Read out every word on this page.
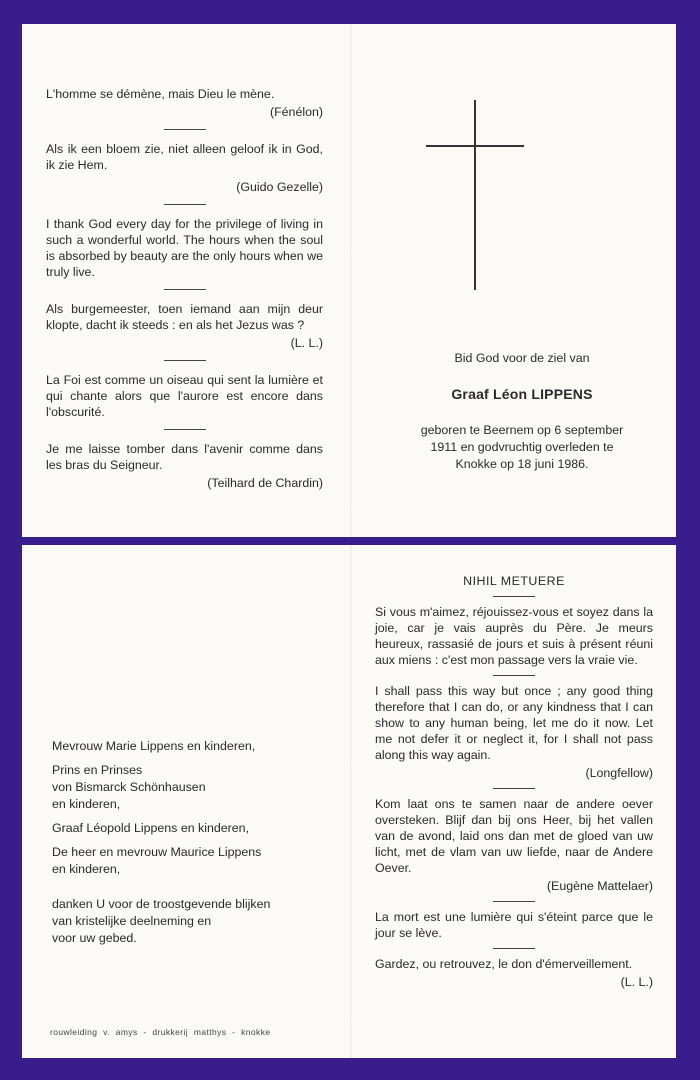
L'homme se démène, mais Dieu le mène.

(Fénélon)

Als ik een bloem zie, niet alleen geloof ik in God, ik zie Hem.

(Guido Gezelle)

I thank God every day for the privilege of living in such a wonderful world. The hours when the soul is absorbed by beauty are the only hours when we truly live.

Als burgemeester, toen iemand aan mijn deur klopte, dacht ik steeds : en als het Jezus was ?

(L. L.)

La Foi est comme un oiseau qui sent la lumière et qui chante alors que l'aurore est encore dans l'obscurité.

Je me laisse tomber dans l'avenir comme dans les bras du Seigneur.

(Teilhard de Chardin)
Bid God voor de ziel van
Graaf Léon LIPPENS
geboren te Beernem op 6 september
1911 en godvruchtig overleden te
Knokke op 18 juni 1986.
Mevrouw Marie Lippens en kinderen,
Prins en Prinses
von Bismarck Schönhausen
en kinderen,
Graaf Léopold Lippens en kinderen,
De heer en mevrouw Maurice Lippens
en kinderen,
danken U voor de troostgevende blijken
van kristelijke deelneming en
voor uw gebed.
rouwleiding v. amys - drukkerij matthys - knokke
NIHIL METUERE

Si vous m'aimez, réjouissez-vous et soyez dans la joie, car je vais auprès du Père. Je meurs heureux, rassasié de jours et suis à présent réuni aux miens : c'est mon passage vers la vraie vie.

I shall pass this way but once ; any good thing therefore that I can do, or any kindness that I can show to any human being, let me do it now. Let me not defer it or neglect it, for I shall not pass along this way again.

(Longfellow)

Kom laat ons te samen naar de andere oever oversteken. Blijf dan bij ons Heer, bij het vallen van de avond, laid ons dan met de gloed van uw licht, met de vlam van uw liefde, naar de Andere Oever.

(Eugène Mattelaer)

La mort est une lumière qui s'éteint parce que le jour se lève.

Gardez, ou retrouvez, le don d'émerveillement.

(L. L.)
